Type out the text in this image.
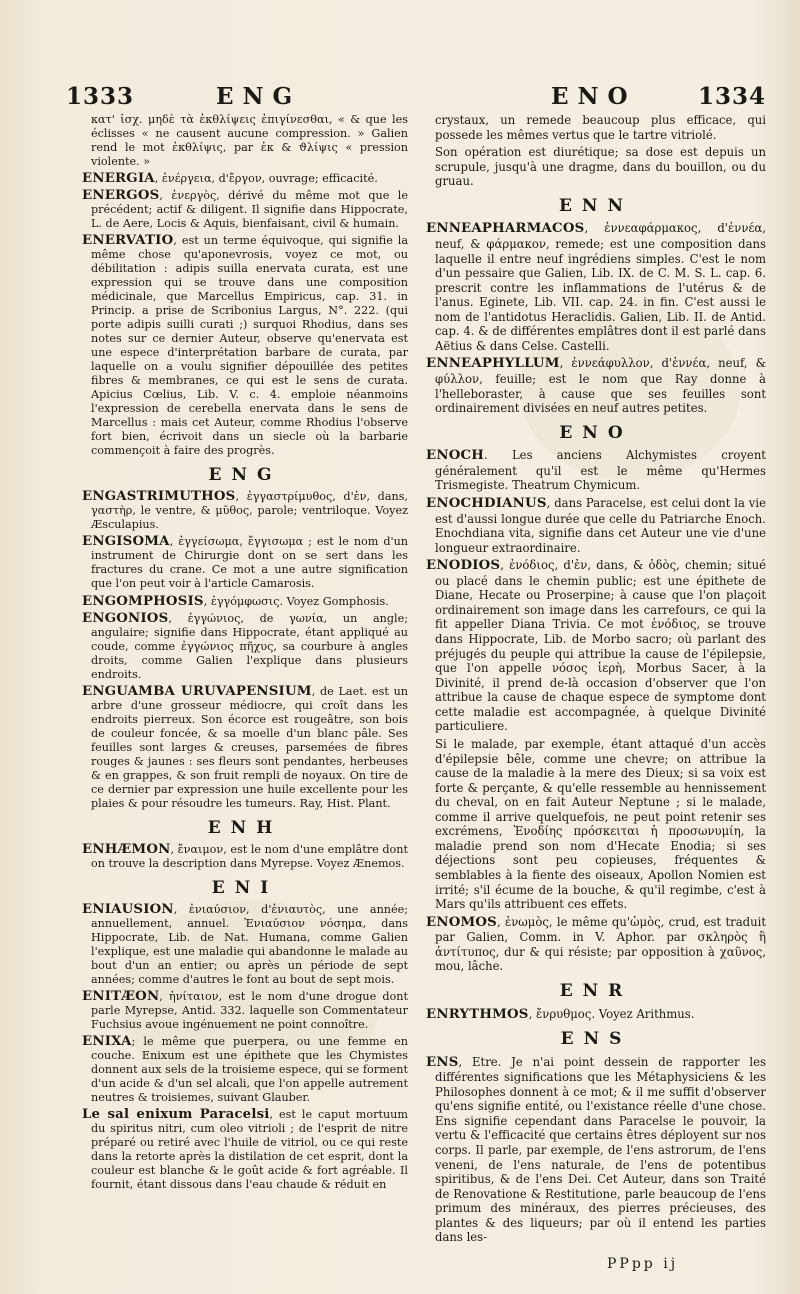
1333	ENG	ENO	1334
κατ' ἰσχ. μηδὲ τὰ ἐκθλίψεις ἐπιγίνεσθαι, « & que les éclisses « ne causent aucune compression. » Galien rend le mot ἐκθλίψις, par ἐκ & ϑλίψις « pression violente. »
ENERGIA, ἐνέργεια, d'ἔργον, ouvrage; efficacité.
ENERGOS, ἐνεργὸς, dérivé du même mot que le précédent; actif & diligent. Il signifie dans Hippocrate, L. de Aere, Locis & Aquis, bienfaisant, civil & humain.
ENERVATIO, est un terme équivoque, qui signifie la même chose qu'aponevrosis, voyez ce mot, ou débilitation : adipis suilla enervata curata, est une expression qui se trouve dans une composition médicinale, que Marcellus Empiricus, cap. 31. in Princip. a prise de Scribonius Largus, N°. 222. (qui porte adipis suilli curati ;) surquoi Rhodius, dans ses notes sur ce dernier Auteur, observe qu'enervata est une espece d'interprétation barbare de curata, par laquelle on a voulu signifier dépouillée des petites fibres & membranes, ce qui est le sens de curata. Apicius Cœlius, Lib. V. c. 4. emploie néanmoins l'expression de cerebella enervata dans le sens de Marcellus : mais cet Auteur, comme Rhodius l'observe fort bien, écrivoit dans un siecle où la barbarie commençoit à faire des progrès.
ENG
ENGASTRIMUTHOS, ἐγγαστρίμυθος, d'ἐν, dans, γαστὴρ, le ventre, & μῦθος, parole; ventriloque. Voyez Æsculapius.
ENGISOMA, ἐγγείσωμα, ἔγγισωμα ; est le nom d'un instrument de Chirurgie dont on se sert dans les fractures du crane. Ce mot a une autre signification que l'on peut voir à l'article Camarosis.
ENGOMPHOSIS, ἐγγόμφωσις. Voyez Gomphosis.
ENGONIOS, ἐγγώνιος, de γωνία, un angle; angulaire; signifie dans Hippocrate, étant appliqué au coude, comme ἐγγώνιος πῆχυς, sa courbure à angles droits, comme Galien l'explique dans plusieurs endroits.
ENGUAMBA URUVAPENSIUM, de Laet. est un arbre d'une grosseur médiocre, qui croît dans les endroits pierreux. Son écorce est rougeâtre, son bois de couleur foncée, & sa moelle d'un blanc pâle. Ses feuilles sont larges & creuses, parsemées de fibres rouges & jaunes : ses fleurs sont pendantes, herbeuses & en grappes, & son fruit rempli de noyaux. On tire de ce dernier par expression une huile excellente pour les plaies & pour résoudre les tumeurs. Ray, Hist. Plant.
ENH
ENHÆMON, ἔναιμον, est le nom d'une emplâtre dont on trouve la description dans Myrepse. Voyez Ænemos.
ENI
ENIAUSION, ἐνιαύσιον, d'ἐνιαυτὸς, une année; annuellement, annuel. Ἐνιαύσιον νόσημα, dans Hippocrate, Lib. de Nat. Humana, comme Galien l'explique, est une maladie qui abandonne le malade au bout d'un an entier; ou après un période de sept années; comme d'autres le font au bout de sept mois.
ENITÆON, ἠνίταιον, est le nom d'une drogue dont parle Myrepse, Antid. 332. laquelle son Commentateur Fuchsius avoue ingénuement ne point connoître.
ENIXA; le même que puerpera, ou une femme en couche. Enixum est une épithete que les Chymistes donnent aux sels de la troisieme espece, qui se forment d'un acide & d'un sel alcali, que l'on appelle autrement neutres & troisiemes, suivant Glauber.
Le sal enixum Paracelsi, est le caput mortuum du spiritus nitri, cum oleo vitrioli ; de l'esprit de nitre préparé ou retiré avec l'huile de vitriol, ou ce qui reste dans la retorte après la distilation de cet esprit, dont la couleur est blanche & le goût acide & fort agréable. Il fournit, étant dissous dans l'eau chaude & réduit en
crystaux, un remede beaucoup plus efficace, qui possede les mêmes vertus que le tartre vitriolé.
Son opération est diurétique; sa dose est depuis un scrupule, jusqu'à une dragme, dans du bouillon, ou du gruau.
ENN
ENNEAPHARMACOS, ἐννεαφάρμακος, d'ἐννέα, neuf, & φάρμακον, remede; est une composition dans laquelle il entre neuf ingrédiens simples. C'est le nom d'un pessaire que Galien, Lib. IX. de C. M. S. L. cap. 6. prescrit contre les inflammations de l'utérus & de l'anus. Eginete, Lib. VII. cap. 24. in fin. C'est aussi le nom de l'antidotus Heraclidis. Galien, Lib. II. de Antid. cap. 4. & de différentes emplâtres dont il est parlé dans Aëtius & dans Celse. Castelli.
ENNEAPHYLLUM, ἐννεάφυλλον, d'ἐννέα, neuf, & φύλλον, feuille; est le nom que Ray donne à l'helleboraster, à cause que ses feuilles sont ordinairement divisées en neuf autres petites.
ENO
ENOCH. Les anciens Alchymistes croyent généralement qu'il est le même qu'Hermes Trismegiste. Theatrum Chymicum.
ENOCHDIANUS, dans Paracelse, est celui dont la vie est d'aussi longue durée que celle du Patriarche Enoch. Enochdiana vita, signifie dans cet Auteur une vie d'une longueur extraordinaire.
ENODIOS, ἐνόδιος, d'ἐν, dans, & ὁδὸς, chemin; situé ou placé dans le chemin public; est une épithete de Diane, Hecate ou Proserpine; à cause que l'on plaçoit ordinairement son image dans les carrefours, ce qui la fit appeller Diana Trivia. Ce mot ἐνόδιος, se trouve dans Hippocrate, Lib. de Morbo sacro; où parlant des préjugés du peuple qui attribue la cause de l'épilepsie, que l'on appelle νόσος ἱερὴ, Morbus Sacer, à la Divinité, il prend de-là occasion d'observer que l'on attribue la cause de chaque espece de symptome dont cette maladie est accompagnée, à quelque Divinité particuliere.
Si le malade, par exemple, étant attaqué d'un accès d'épilepsie bêle, comme une chevre; on attribue la cause de la maladie à la mere des Dieux; si sa voix est forte & perçante, & qu'elle ressemble au hennissement du cheval, on en fait Auteur Neptune ; si le malade, comme il arrive quelquefois, ne peut point retenir ses excrémens, Ἐνοδίης πρόσκειται ἡ προσωνυμίη, la maladie prend son nom d'Hecate Enodia; si ses déjections sont peu copieuses, fréquentes & semblables à la fiente des oiseaux, Apollon Nomien est irrité; s'il écume de la bouche, & qu'il regimbe, c'est à Mars qu'ils attribuent ces effets.
ENOMOS, ἐνωμὸς, le même qu'ὠμὸς, crud, est traduit par Galien, Comm. in V. Aphor. par σκληρὸς ἢ ἀντίτυπος, dur & qui résiste; par opposition à χαῦνος, mou, lâche.
ENR
ENRYTHMOS, ἔνρυθμος. Voyez Arithmus.
ENS
ENS, Etre. Je n'ai point dessein de rapporter les différentes significations que les Métaphysiciens & les Philosophes donnent à ce mot; & il me suffit d'observer qu'ens signifie entité, ou l'existance réelle d'une chose. Ens signifie cependant dans Paracelse le pouvoir, la vertu & l'efficacité que certains êtres déployent sur nos corps. Il parle, par exemple, de l'ens astrorum, de l'ens veneni, de l'ens naturale, de l'ens de potentibus spiritibus, & de l'ens Dei. Cet Auteur, dans son Traité de Renovatione & Restitutione, parle beaucoup de l'ens primum des minéraux, des pierres précieuses, des plantes & des liqueurs; par où il entend les parties dans les-
PPpp ij
